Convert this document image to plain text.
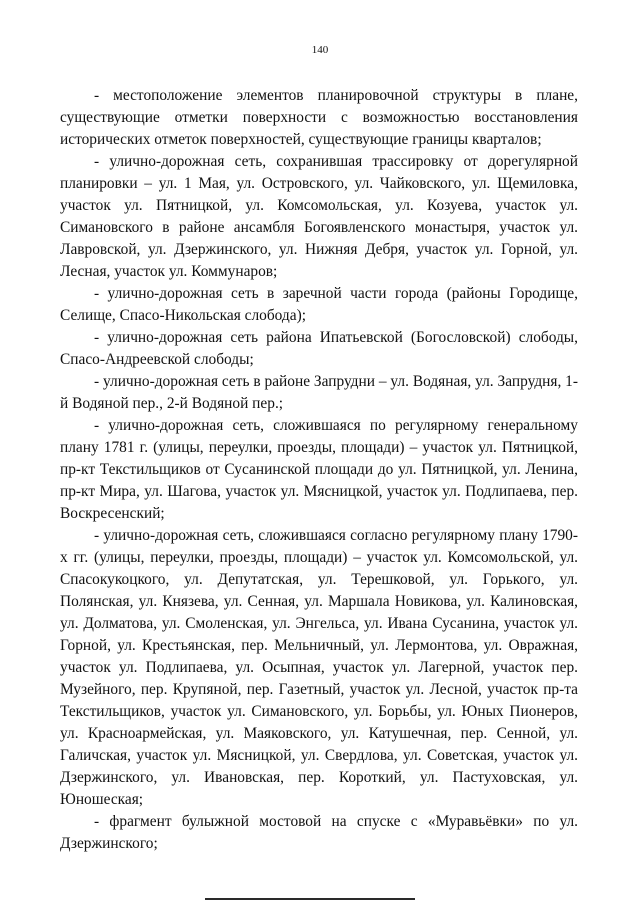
140

- местоположение элементов планировочной структуры в плане, существующие отметки поверхности с возможностью восстановления исторических отметок поверхностей, существующие границы кварталов;

- улично-дорожная сеть, сохранившая трассировку от дорегулярной планировки – ул. 1 Мая, ул. Островского, ул. Чайковского, ул. Щемиловка, участок ул. Пятницкой, ул. Комсомольская, ул. Козуева, участок ул. Симановского в районе ансамбля Богоявленского монастыря, участок ул. Лавровской, ул. Дзержинского, ул. Нижняя Дебря, участок ул. Горной, ул. Лесная, участок ул. Коммунаров;

- улично-дорожная сеть в заречной части города (районы Городище, Селище, Спасо-Никольская слобода);

- улично-дорожная сеть района Ипатьевской (Богословской) слободы, Спасо-Андреевской слободы;

- улично-дорожная сеть в районе Запрудни – ул. Водяная, ул. Запрудня, 1-й Водяной пер., 2-й Водяной пер.;

- улично-дорожная сеть, сложившаяся по регулярному генеральному плану 1781 г. (улицы, переулки, проезды, площади) – участок ул. Пятницкой, пр-кт Текстильщиков от Сусанинской площади до ул. Пятницкой, ул. Ленина, пр-кт Мира, ул. Шагова, участок ул. Мясницкой, участок ул. Подлипаева, пер. Воскресенский;

- улично-дорожная сеть, сложившаяся согласно регулярному плану 1790-х гг. (улицы, переулки, проезды, площади) – участок ул. Комсомольской, ул. Спасокукоцкого, ул. Депутатская, ул. Терешковой, ул. Горького, ул. Полянская, ул. Князева, ул. Сенная, ул. Маршала Новикова, ул. Калиновская, ул. Долматова, ул. Смоленская, ул. Энгельса, ул. Ивана Сусанина, участок ул. Горной, ул. Крестьянская, пер. Мельничный, ул. Лермонтова, ул. Овражная, участок ул. Подлипаева, ул. Осыпная, участок ул. Лагерной, участок пер. Музейного, пер. Крупяной, пер. Газетный, участок ул. Лесной, участок пр-та Текстильщиков, участок ул. Симановского, ул. Борьбы, ул. Юных Пионеров, ул. Красноармейская, ул. Маяковского, ул. Катушечная, пер. Сенной, ул. Галичская, участок ул. Мясницкой, ул. Свердлова, ул. Советская, участок ул. Дзержинского, ул. Ивановская, пер. Короткий, ул. Пастуховская, ул. Юношеская;

- фрагмент булыжной мостовой на спуске с «Муравьёвки» по ул. Дзержинского;
